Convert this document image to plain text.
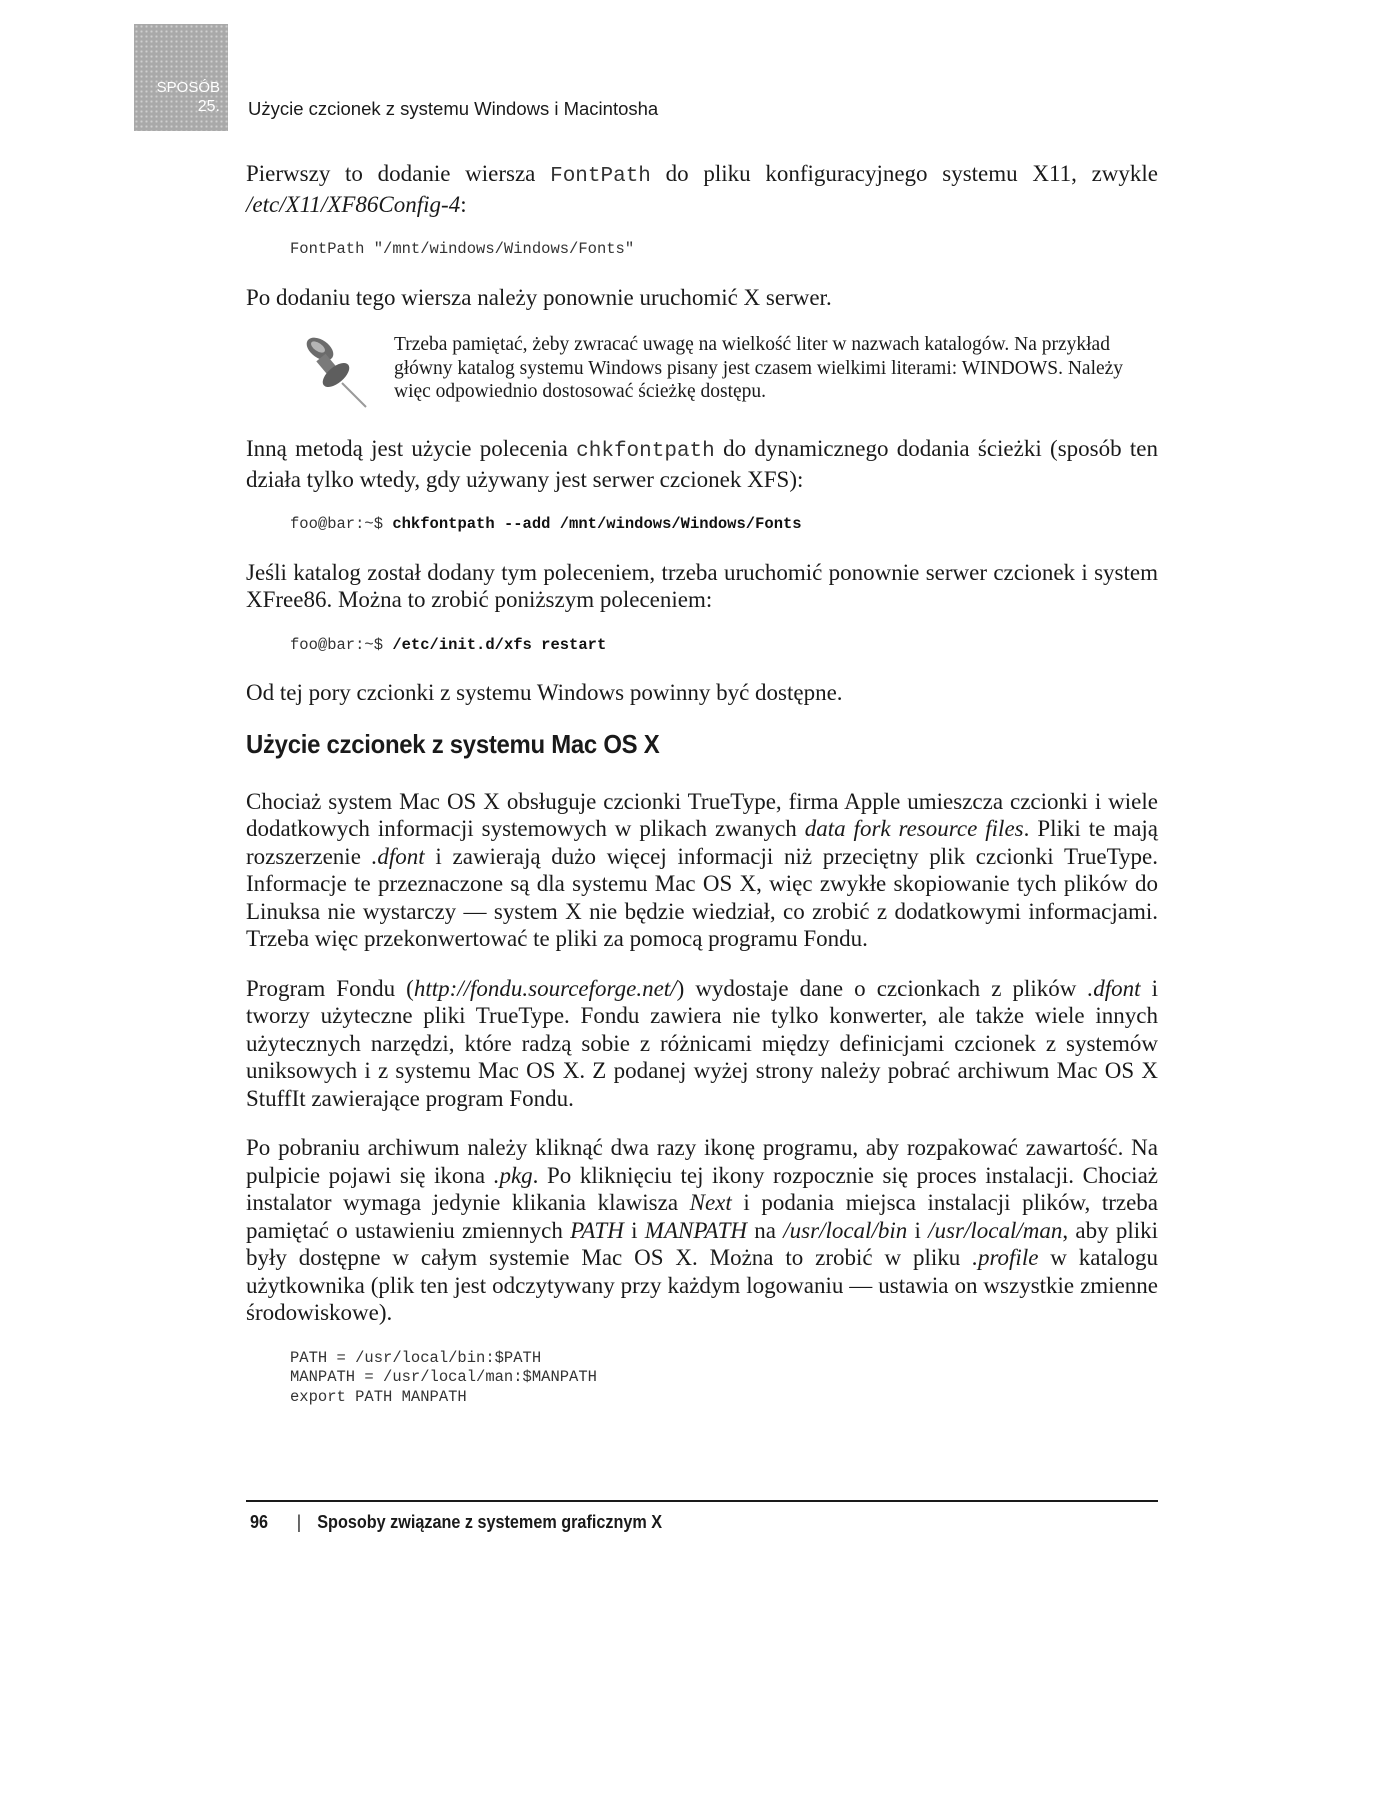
SPOSÓB
25. Użycie czcionek z systemu Windows i Macintosha

Pierwszy to dodanie wiersza FontPath do pliku konfiguracyjnego systemu X11, zwykle /etc/X11/XF86Config-4:

FontPath "/mnt/windows/Windows/Fonts"

Po dodaniu tego wiersza należy ponownie uruchomić X serwer.

Trzeba pamiętać, żeby zwracać uwagę na wielkość liter w nazwach katalogów. Na przykład główny katalog systemu Windows pisany jest czasem wielkimi literami: WINDOWS. Należy więc odpowiednio dostosować ścieżkę dostępu.

Inną metodą jest użycie polecenia chkfontpath do dynamicznego dodania ścieżki (sposób ten działa tylko wtedy, gdy używany jest serwer czcionek XFS):

foo@bar:~$ chkfontpath --add /mnt/windows/Windows/Fonts

Jeśli katalog został dodany tym poleceniem, trzeba uruchomić ponownie serwer czcionek i system XFree86. Można to zrobić poniższym poleceniem:

foo@bar:~$ /etc/init.d/xfs restart

Od tej pory czcionki z systemu Windows powinny być dostępne.

Użycie czcionek z systemu Mac OS X

Chociaż system Mac OS X obsługuje czcionki TrueType, firma Apple umieszcza czcionki i wiele dodatkowych informacji systemowych w plikach zwanych data fork resource files. Pliki te mają rozszerzenie .dfont i zawierają dużo więcej informacji niż przeciętny plik czcionki TrueType. Informacje te przeznaczone są dla systemu Mac OS X, więc zwykłe skopiowanie tych plików do Linuksa nie wystarczy — system X nie będzie wiedział, co zrobić z dodatkowymi informacjami. Trzeba więc przekonwertować te pliki za pomocą programu Fondu.

Program Fondu (http://fondu.sourceforge.net/) wydostaje dane o czcionkach z plików .dfont i tworzy użyteczne pliki TrueType. Fondu zawiera nie tylko konwerter, ale także wiele innych użytecznych narzędzi, które radzą sobie z różnicami między definicjami czcionek z systemów uniksowych i z systemu Mac OS X. Z podanej wyżej strony należy pobrać archiwum Mac OS X StuffIt zawierające program Fondu.

Po pobraniu archiwum należy kliknąć dwa razy ikonę programu, aby rozpakować zawartość. Na pulpicie pojawi się ikona .pkg. Po kliknięciu tej ikony rozpocznie się proces instalacji. Chociaż instalator wymaga jedynie klikania klawisza Next i podania miejsca instalacji plików, trzeba pamiętać o ustawieniu zmiennych PATH i MANPATH na /usr/local/bin i /usr/local/man, aby pliki były dostępne w całym systemie Mac OS X. Można to zrobić w pliku .profile w katalogu użytkownika (plik ten jest odczytywany przy każdym logowaniu — ustawia on wszystkie zmienne środowiskowe).

PATH = /usr/local/bin:$PATH
MANPATH = /usr/local/man:$MANPATH
export PATH MANPATH
96 | Sposoby związane z systemem graficznym X
